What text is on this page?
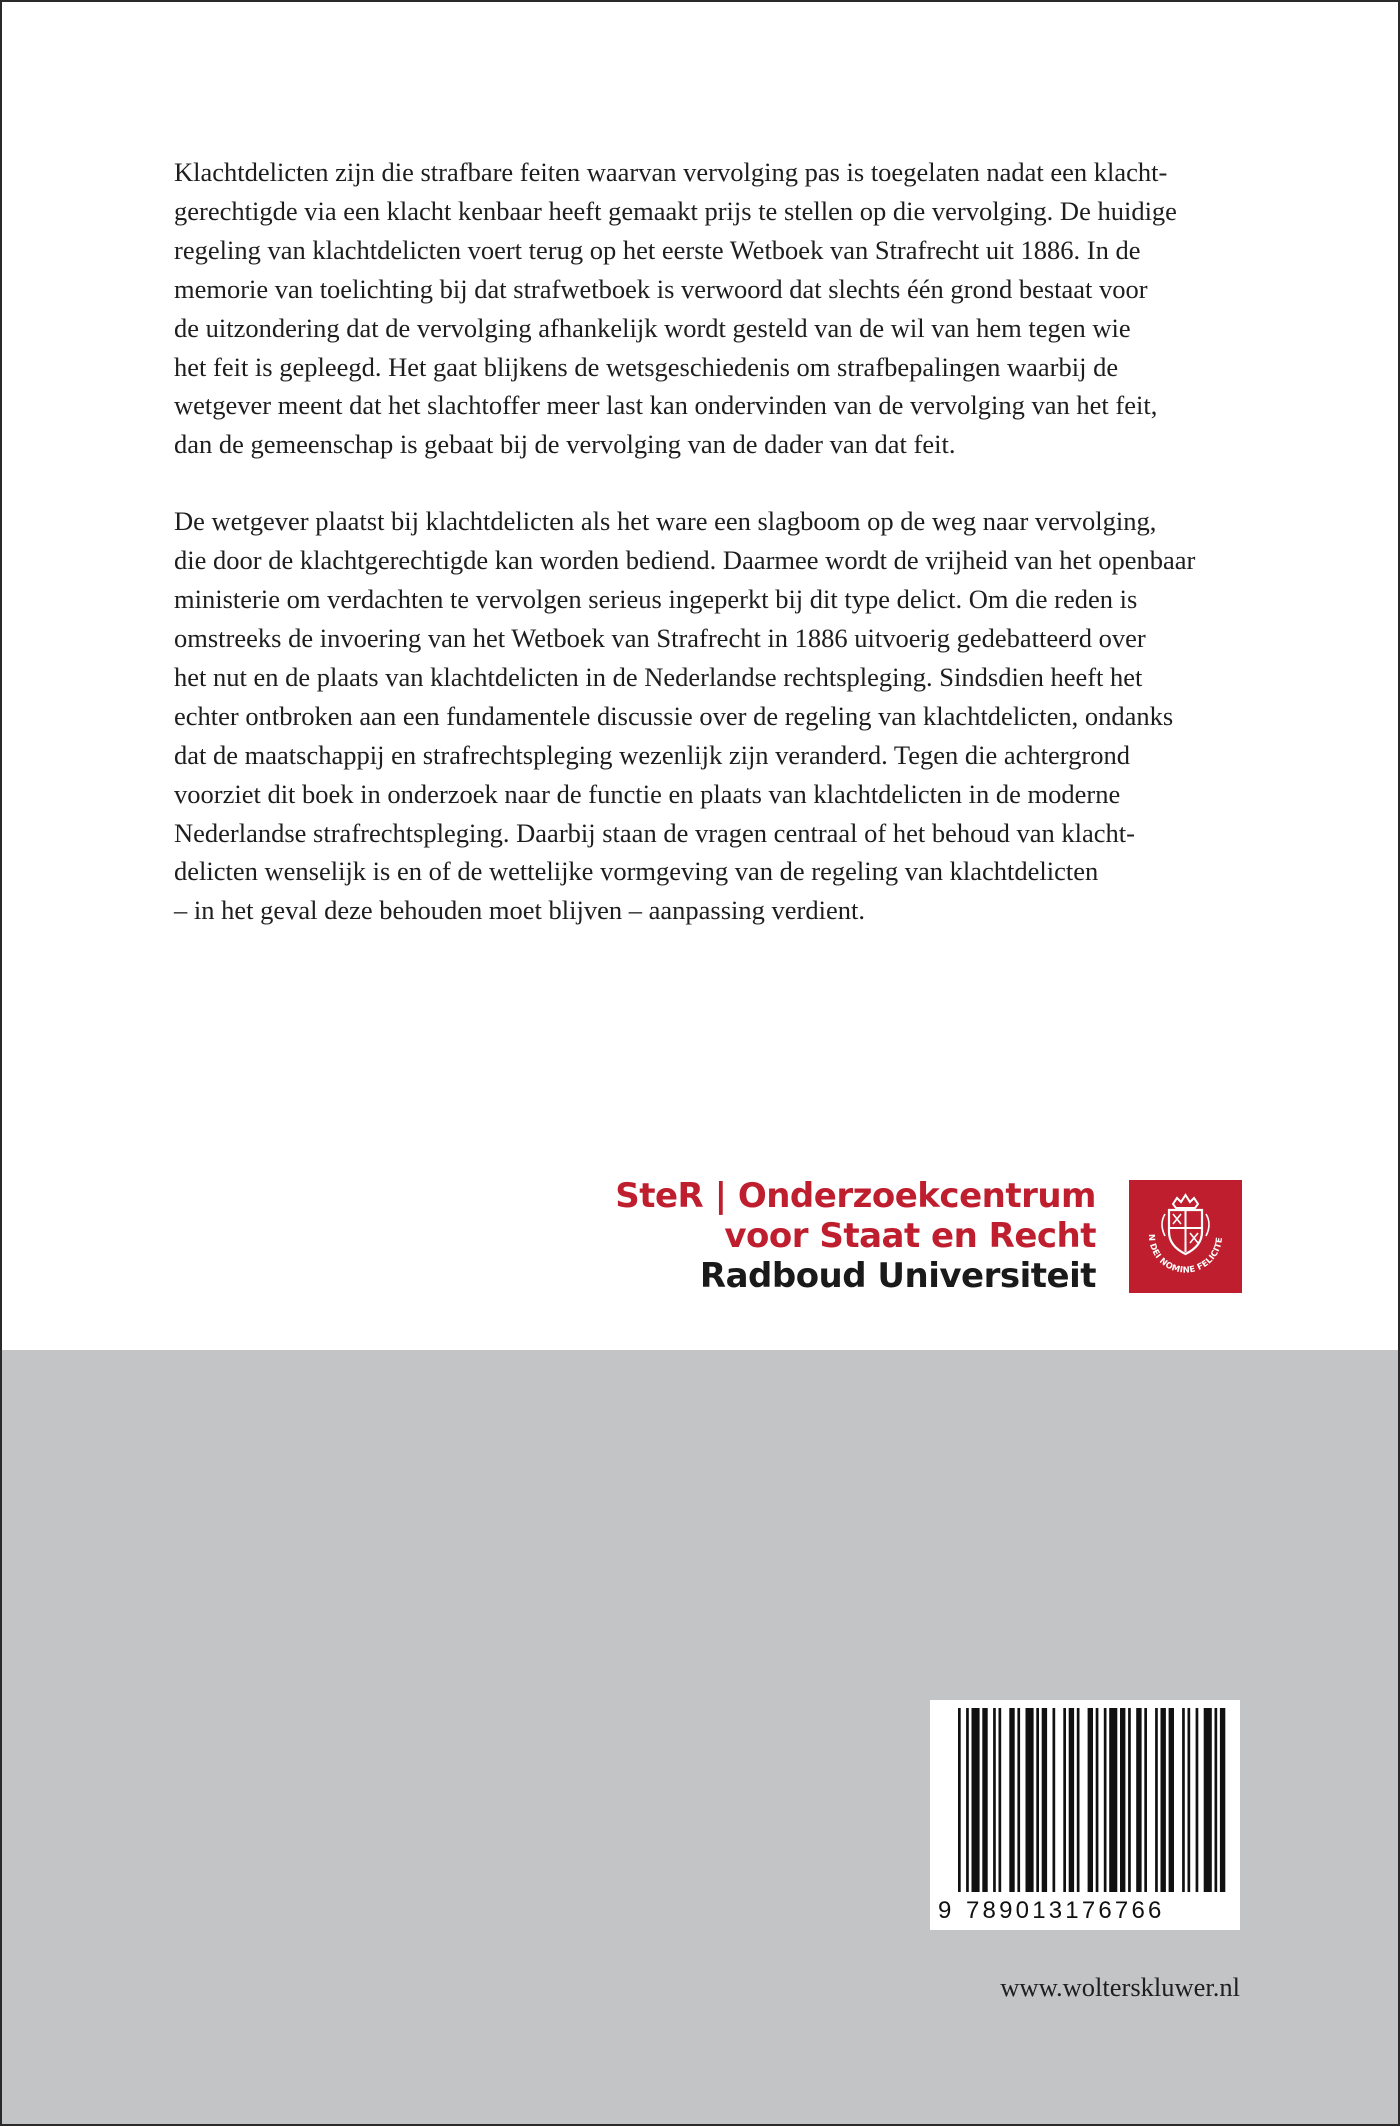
Klachtdelicten zijn die strafbare feiten waarvan vervolging pas is toegelaten nadat een klacht-
gerechtigde via een klacht kenbaar heeft gemaakt prijs te stellen op die vervolging. De huidige
regeling van klachtdelicten voert terug op het eerste Wetboek van Strafrecht uit 1886. In de
memorie van toelichting bij dat strafwetboek is verwoord dat slechts één grond bestaat voor
de uitzondering dat de vervolging afhankelijk wordt gesteld van de wil van hem tegen wie
het feit is gepleegd. Het gaat blijkens de wetsgeschiedenis om strafbepalingen waarbij de
wetgever meent dat het slachtoffer meer last kan ondervinden van de vervolging van het feit,
dan de gemeenschap is gebaat bij de vervolging van de dader van dat feit.
De wetgever plaatst bij klachtdelicten als het ware een slagboom op de weg naar vervolging,
die door de klachtgerechtigde kan worden bediend. Daarmee wordt de vrijheid van het openbaar
ministerie om verdachten te vervolgen serieus ingeperkt bij dit type delict. Om die reden is
omstreeks de invoering van het Wetboek van Strafrecht in 1886 uitvoerig gedebatteerd over
het nut en de plaats van klachtdelicten in de Nederlandse rechtspleging. Sindsdien heeft het
echter ontbroken aan een fundamentele discussie over de regeling van klachtdelicten, ondanks
dat de maatschappij en strafrechtspleging wezenlijk zijn veranderd. Tegen die achtergrond
voorziet dit boek in onderzoek naar de functie en plaats van klachtdelicten in de moderne
Nederlandse strafrechtspleging. Daarbij staan de vragen centraal of het behoud van klacht-
delicten wenselijk is en of de wettelijke vormgeving van de regeling van klachtdelicten
– in het geval deze behouden moet blijven – aanpassing verdient.
SteR | Onderzoekcentrum
voor Staat en Recht
Radboud Universiteit
N DEI NOMINE FELICITE
9 789013176766
www.wolterskluwer.nl
